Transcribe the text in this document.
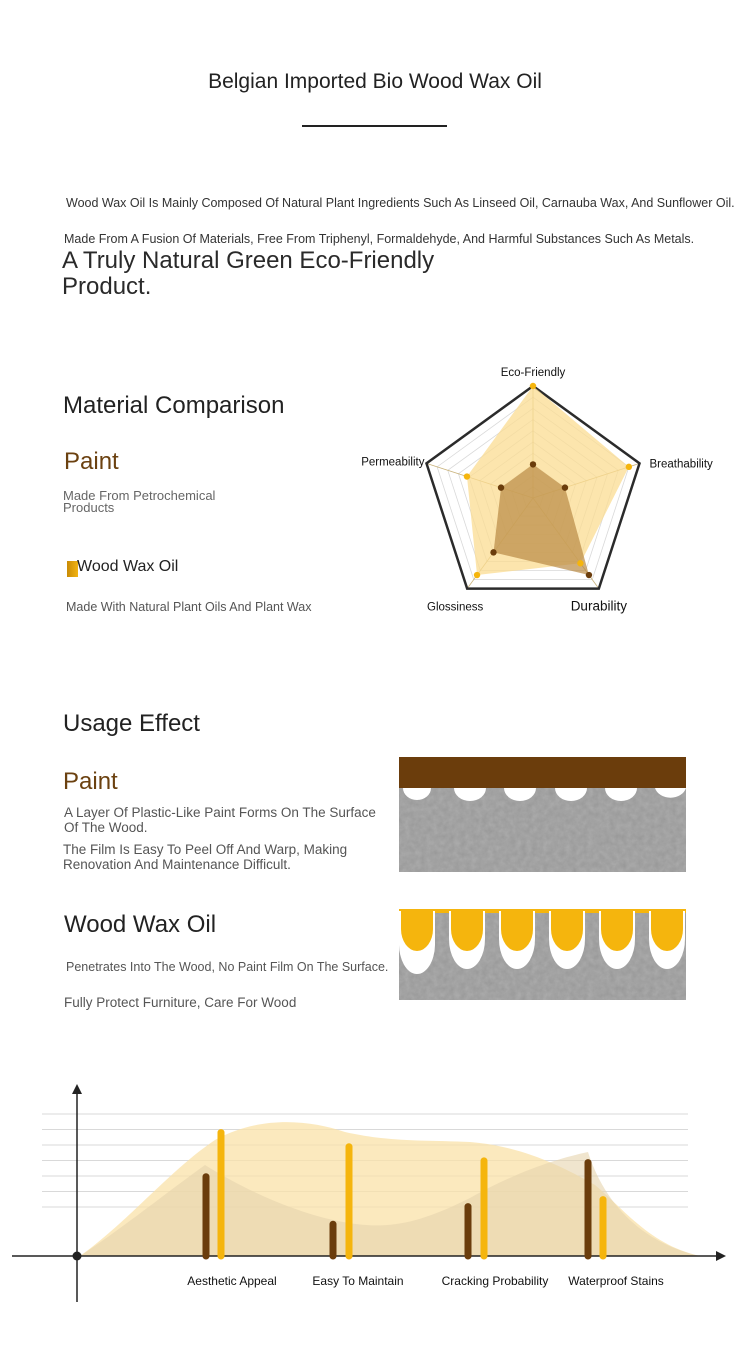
Belgian Imported Bio Wood Wax Oil
Wood Wax Oil Is Mainly Composed Of Natural Plant Ingredients Such As Linseed Oil, Carnauba Wax, And Sunflower Oil.
Made From A Fusion Of Materials, Free From Triphenyl, Formaldehyde, And Harmful Substances Such As Metals.
A Truly Natural Green Eco-Friendly Product.
Material Comparison
Paint
Made From Petrochemical Products
Wood Wax Oil
Made With Natural Plant Oils And Plant Wax
Eco-Friendly
Breathability
Durability
Glossiness
Permeability
Usage Effect
Paint
A Layer Of Plastic-Like Paint Forms On The Surface Of The Wood.
The Film Is Easy To Peel Off And Warp, Making Renovation And Maintenance Difficult.
Wood Wax Oil
Penetrates Into The Wood, No Paint Film On The Surface.
Fully Protect Furniture, Care For Wood
Aesthetic Appeal	Easy To Maintain	Cracking Probability Waterproof Stains
